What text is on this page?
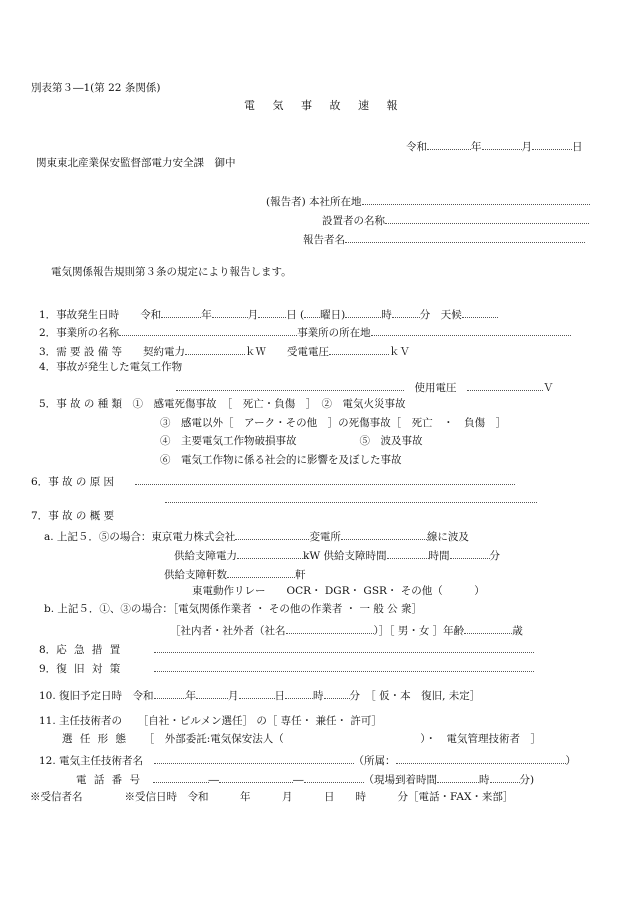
別表第３―1(第 22 条関係)
電 気 事 故 速 報
令和	年	月	日
関東東北産業保安監督部電力安全課　御中
(報告者) 本社所在地
設置者の名称
報告者名
電気関係報告規則第３条の規定により報告します。
1．事故発生日時　　 令和	年	月	日 ( 曜日)	時	分　 天候
2．事業所の名称	事業所の所在地
3．需 要 設 備 等　　 契約電力	ｋＷ　　 受電電圧	ｋＶ
4．事故が発生した電気工作物
　使用電圧　	Ｖ
5．事 故 の 種 類　 ①　感電死傷事故　［　死亡・負傷　］　②　電気火災事故
③　感電以外［　アーク・その他　］の死傷事故［　死亡　・　負傷　］
④　主要電気工作物破損事故　　　　　　⑤　波及事故
⑥　電気工作物に係る社会的に影響を及ぼした事故
6．事 故 の 原 因　　
7．事 故 の 概 要
a. 上記５．⑤の場合：東京電力株式会社	変電所	線に波及
供給支障電力	kW 供給支障時間	時間	分
供給支障軒数	軒
東電動作リレー　　OCR・ DGR・ GSR・ その他（　　　）
b. 上記５．①、③の場合：［電気関係作業者 ・ その他の作業者 ・ 一 般 公 衆］
［社内者・社外者（社名	）］［ 男・女 ］年齢	歳
8．応 急 措 置　　　
9．復 旧 対 策　　　
10. 復旧予定日時　 令和	年	月	日	時 分　 ［ 仮・本　復旧, 未定］
11. 主任技術者の　　 ［自社・ビルメン選任］ の［ 専任・ 兼任・ 許可］
選 任 形 態　　 ［　外部委託:電気保安法人（　　　　　　　　　　　　　）・　電気管理技術者　］
12. 電気主任技術者名　	（所属：	）
電 話 番 号　	―	―	（現場到着時間	時	分)
※受信者名　　　　※受信日時　令和　　　年　　　月　　　日　　時　　　分［電話・FAX・来部］
